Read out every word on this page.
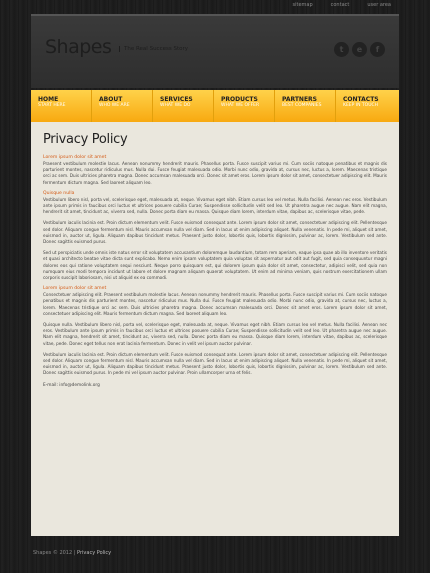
sitemap	contact	user area
Shapes	The Real Success Story	t	e	f
HOME
START HERE
ABOUT
WHO WE ARE
SERVICES
WHAT WE DO
PRODUCTS
WHAT WE OFFER
PARTNERS
BEST COMPANIES
CONTACTS
KEEP IN TOUCH
Privacy Policy
Lorem ipsum dolor sit amet
Praesent vestibulum molestie lacus. Aenean nonummy hendrerit mauris. Phasellus porta. Fusce suscipit varius mi. Cum sociis natoque penatibus et magnis dis parturient montes, nascetur ridiculus mus. Nulla dui. Fusce feugiat malesuada odio. Morbi nunc odio, gravida at, cursus nec, luctus a, lorem. Maecenas tristique orci ac sem. Duis ultricies pharetra magna. Donec accumsan malesuada orci. Donec sit amet eros. Lorem ipsum dolor sit amet, consectetuer adipiscing elit. Mauris fermentum dictum magna. Sed laoreet aliquam leo.
Quisque nulla
Vestibulum libero nisl, porta vel, scelerisque eget, malesuada at, neque. Vivamus eget nibh. Etiam cursus leo vel metus. Nulla facilisi. Aenean nec eros. Vestibulum ante ipsum primis in faucibus orci luctus et ultrices posuere cubilia Curae; Suspendisse sollicitudin velit sed leo. Ut pharetra augue nec augue. Nam elit magna, hendrerit sit amet, tincidunt ac, viverra sed, nulla. Donec porta diam eu massa. Quisque diam lorem, interdum vitae, dapibus ac, scelerisque vitae, pede.
Vestibulum iaculis lacinia est. Proin dictum elementum velit. Fusce euismod consequat ante. Lorem ipsum dolor sit amet, consectetuer adipiscing elit. Pellentesque sed dolor. Aliquam congue fermentum nisl. Mauris accumsan nulla vel diam. Sed in lacus ut enim adipiscing aliquet. Nulla venenatis. In pede mi, aliquet sit amet, euismod in, auctor ut, ligula. Aliquam dapibus tincidunt metus. Praesent justo dolor, lobortis quis, lobortis dignissim, pulvinar ac, lorem. Vestibulum sed ante. Donec sagittis euismod purus.
Sed ut perspiciatis unde omnis iste natus error sit voluptatem accusantium doloremque laudantium, totam rem aperiam, eaque ipsa quae ab illo inventore veritatis et quasi architecto beatae vitae dicta sunt explicabo. Nemo enim ipsam voluptatem quia voluptas sit aspernatur aut odit aut fugit, sed quia consequuntur magni dolores eos qui ratione voluptatem sequi nesciunt. Neque porro quisquam est, qui dolorem ipsum quia dolor sit amet, consectetur, adipisci velit, sed quia non numquam eius modi tempora incidunt ut labore et dolore magnam aliquam quaerat voluptatem. Ut enim ad minima veniam, quis nostrum exercitationem ullam corporis suscipit laboriosam, nisi ut aliquid ex ea commodi.
Lorem ipsum dolor sit amet
Consectetuer adipiscing elit. Praesent vestibulum molestie lacus. Aenean nonummy hendrerit mauris. Phasellus porta. Fusce suscipit varius mi. Cum sociis natoque penatibus et magnis dis parturient montes, nascetur ridiculus mus. Nulla dui. Fusce feugiat malesuada odio. Morbi nunc odio, gravida at, cursus nec, luctus a, lorem. Maecenas tristique orci ac sem. Duis ultricies pharetra magna. Donec accumsan malesuada orci. Donec sit amet eros. Lorem ipsum dolor sit amet, consectetuer adipiscing elit. Mauris fermentum dictum magna. Sed laoreet aliquam leo.
Quisque nulla. Vestibulum libero nisl, porta vel, scelerisque eget, malesuada at, neque. Vivamus eget nibh. Etiam cursus leo vel metus. Nulla facilisi. Aenean nec eros. Vestibulum ante ipsum primis in faucibus orci luctus et ultrices posuere cubilia Curae; Suspendisse sollicitudin velit sed leo. Ut pharetra augue nec augue. Nam elit magna, hendrerit sit amet, tincidunt ac, viverra sed, nulla. Donec porta diam eu massa. Quisque diam lorem, interdum vitae, dapibus ac, scelerisque vitae, pede. Donec eget tellus non erat lacinia fermentum. Donec in velit vel ipsum auctor pulvinar.
Vestibulum iaculis lacinia est. Proin dictum elementum velit. Fusce euismod consequat ante. Lorem ipsum dolor sit amet, consectetuer adipiscing elit. Pellentesque sed dolor. Aliquam congue fermentum nisl. Mauris accumsan nulla vel diam. Sed in lacus ut enim adipiscing aliquet. Nulla venenatis. In pede mi, aliquet sit amet, euismod in, auctor ut, ligula. Aliquam dapibus tincidunt metus. Praesent justo dolor, lobortis quis, lobortis dignissim, pulvinar ac, lorem. Vestibulum sed ante. Donec sagittis euismod purus. In pede mi vel ipsum auctor pulvinar. Proin ullamcorper urna et felis.
E-mail: info@demolink.org
Shapes © 2012 | Privacy Policy
